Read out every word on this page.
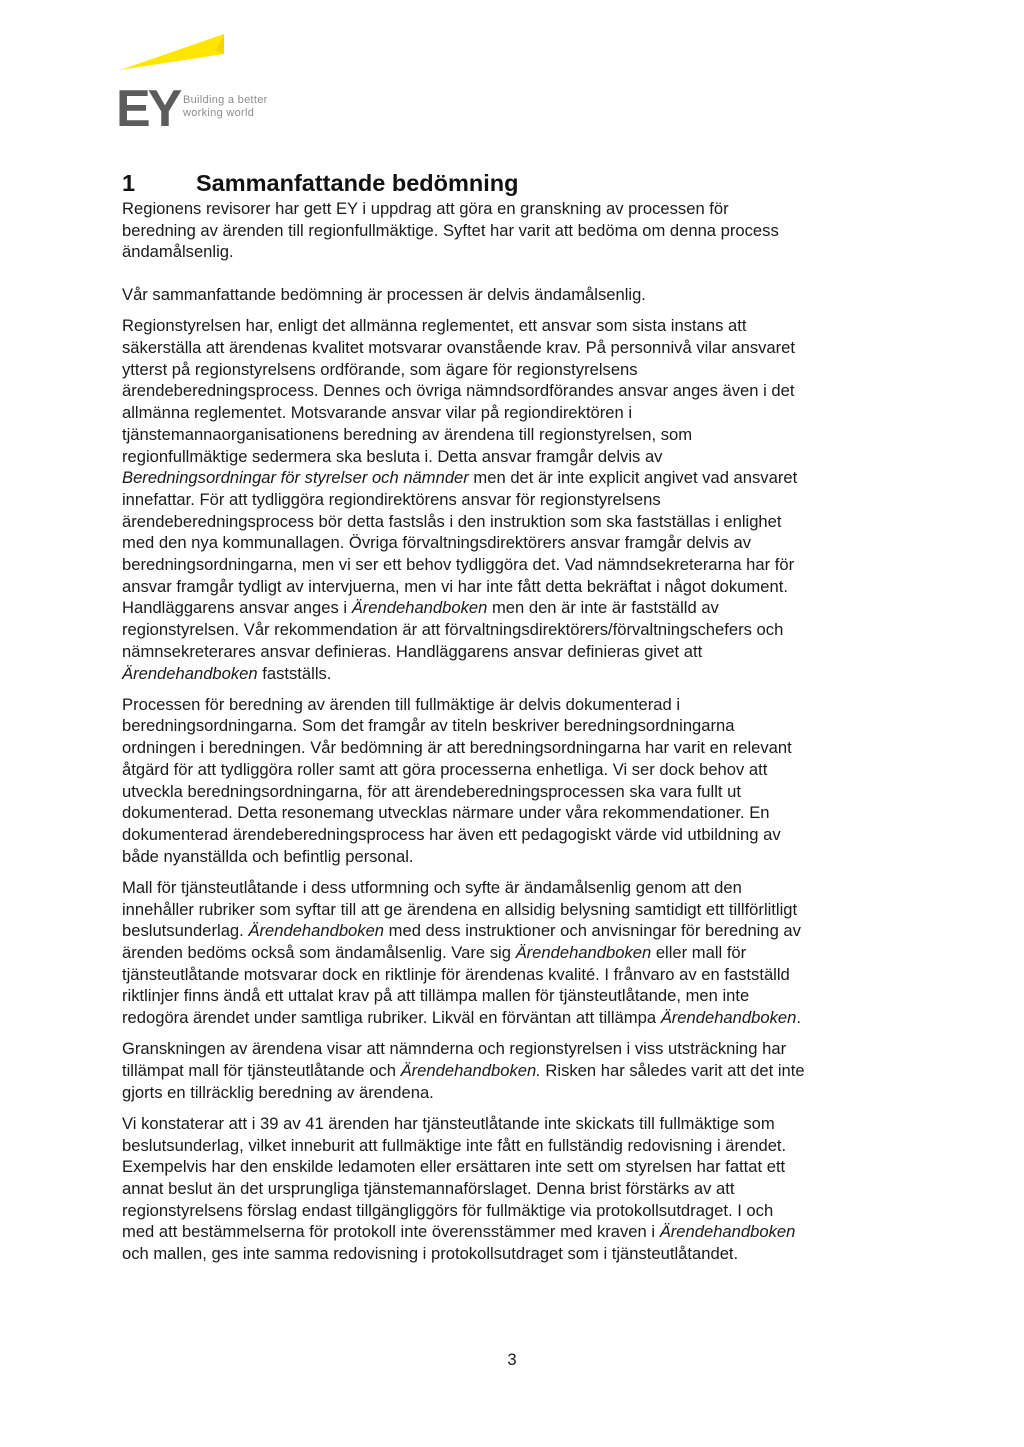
EY Building a better
working world
1	Sammanfattande bedömning

Regionens revisorer har gett EY i uppdrag att göra en granskning av processen för
beredning av ärenden till regionfullmäktige. Syftet har varit att bedöma om denna process
ändamålsenlig.

Vår sammanfattande bedömning är processen är delvis ändamålsenlig.

Regionstyrelsen har, enligt det allmänna reglementet, ett ansvar som sista instans att
säkerställa att ärendenas kvalitet motsvarar ovanstående krav. På personnivå vilar ansvaret
ytterst på regionstyrelsens ordförande, som ägare för regionstyrelsens
ärendeberedningsprocess. Dennes och övriga nämndsordförandes ansvar anges även i det
allmänna reglementet. Motsvarande ansvar vilar på regiondirektören i
tjänstemannaorganisationens beredning av ärendena till regionstyrelsen, som
regionfullmäktige sedermera ska besluta i. Detta ansvar framgår delvis av
Beredningsordningar för styrelser och nämnder men det är inte explicit angivet vad ansvaret
innefattar. För att tydliggöra regiondirektörens ansvar för regionstyrelsens
ärendeberedningsprocess bör detta fastslås i den instruktion som ska fastställas i enlighet
med den nya kommunallagen. Övriga förvaltningsdirektörers ansvar framgår delvis av
beredningsordningarna, men vi ser ett behov tydliggöra det. Vad nämndsekreterarna har för
ansvar framgår tydligt av intervjuerna, men vi har inte fått detta bekräftat i något dokument.
Handläggarens ansvar anges i Ärendehandboken men den är inte är fastställd av
regionstyrelsen. Vår rekommendation är att förvaltningsdirektörers/förvaltningschefers och
nämnsekreterares ansvar definieras. Handläggarens ansvar definieras givet att
Ärendehandboken fastställs.

Processen för beredning av ärenden till fullmäktige är delvis dokumenterad i
beredningsordningarna. Som det framgår av titeln beskriver beredningsordningarna
ordningen i beredningen. Vår bedömning är att beredningsordningarna har varit en relevant
åtgärd för att tydliggöra roller samt att göra processerna enhetliga. Vi ser dock behov att
utveckla beredningsordningarna, för att ärendeberedningsprocessen ska vara fullt ut
dokumenterad. Detta resonemang utvecklas närmare under våra rekommendationer. En
dokumenterad ärendeberedningsprocess har även ett pedagogiskt värde vid utbildning av
både nyanställda och befintlig personal.

Mall för tjänsteutlåtande i dess utformning och syfte är ändamålsenlig genom att den
innehåller rubriker som syftar till att ge ärendena en allsidig belysning samtidigt ett tillförlitligt
beslutsunderlag. Ärendehandboken med dess instruktioner och anvisningar för beredning av
ärenden bedöms också som ändamålsenlig. Vare sig Ärendehandboken eller mall för
tjänsteutlåtande motsvarar dock en riktlinje för ärendenas kvalité. I frånvaro av en fastställd
riktlinjer finns ändå ett uttalat krav på att tillämpa mallen för tjänsteutlåtande, men inte
redogöra ärendet under samtliga rubriker. Likväl en förväntan att tillämpa Ärendehandboken.

Granskningen av ärendena visar att nämnderna och regionstyrelsen i viss utsträckning har
tillämpat mall för tjänsteutlåtande och Ärendehandboken. Risken har således varit att det inte
gjorts en tillräcklig beredning av ärendena.

Vi konstaterar att i 39 av 41 ärenden har tjänsteutlåtande inte skickats till fullmäktige som
beslutsunderlag, vilket inneburit att fullmäktige inte fått en fullständig redovisning i ärendet.
Exempelvis har den enskilde ledamoten eller ersättaren inte sett om styrelsen har fattat ett
annat beslut än det ursprungliga tjänstemannaförslaget. Denna brist förstärks av att
regionstyrelsens förslag endast tillgängliggörs för fullmäktige via protokollsutdraget. I och
med att bestämmelserna för protokoll inte överensstämmer med kraven i Ärendehandboken
och mallen, ges inte samma redovisning i protokollsutdraget som i tjänsteutlåtandet.

3
